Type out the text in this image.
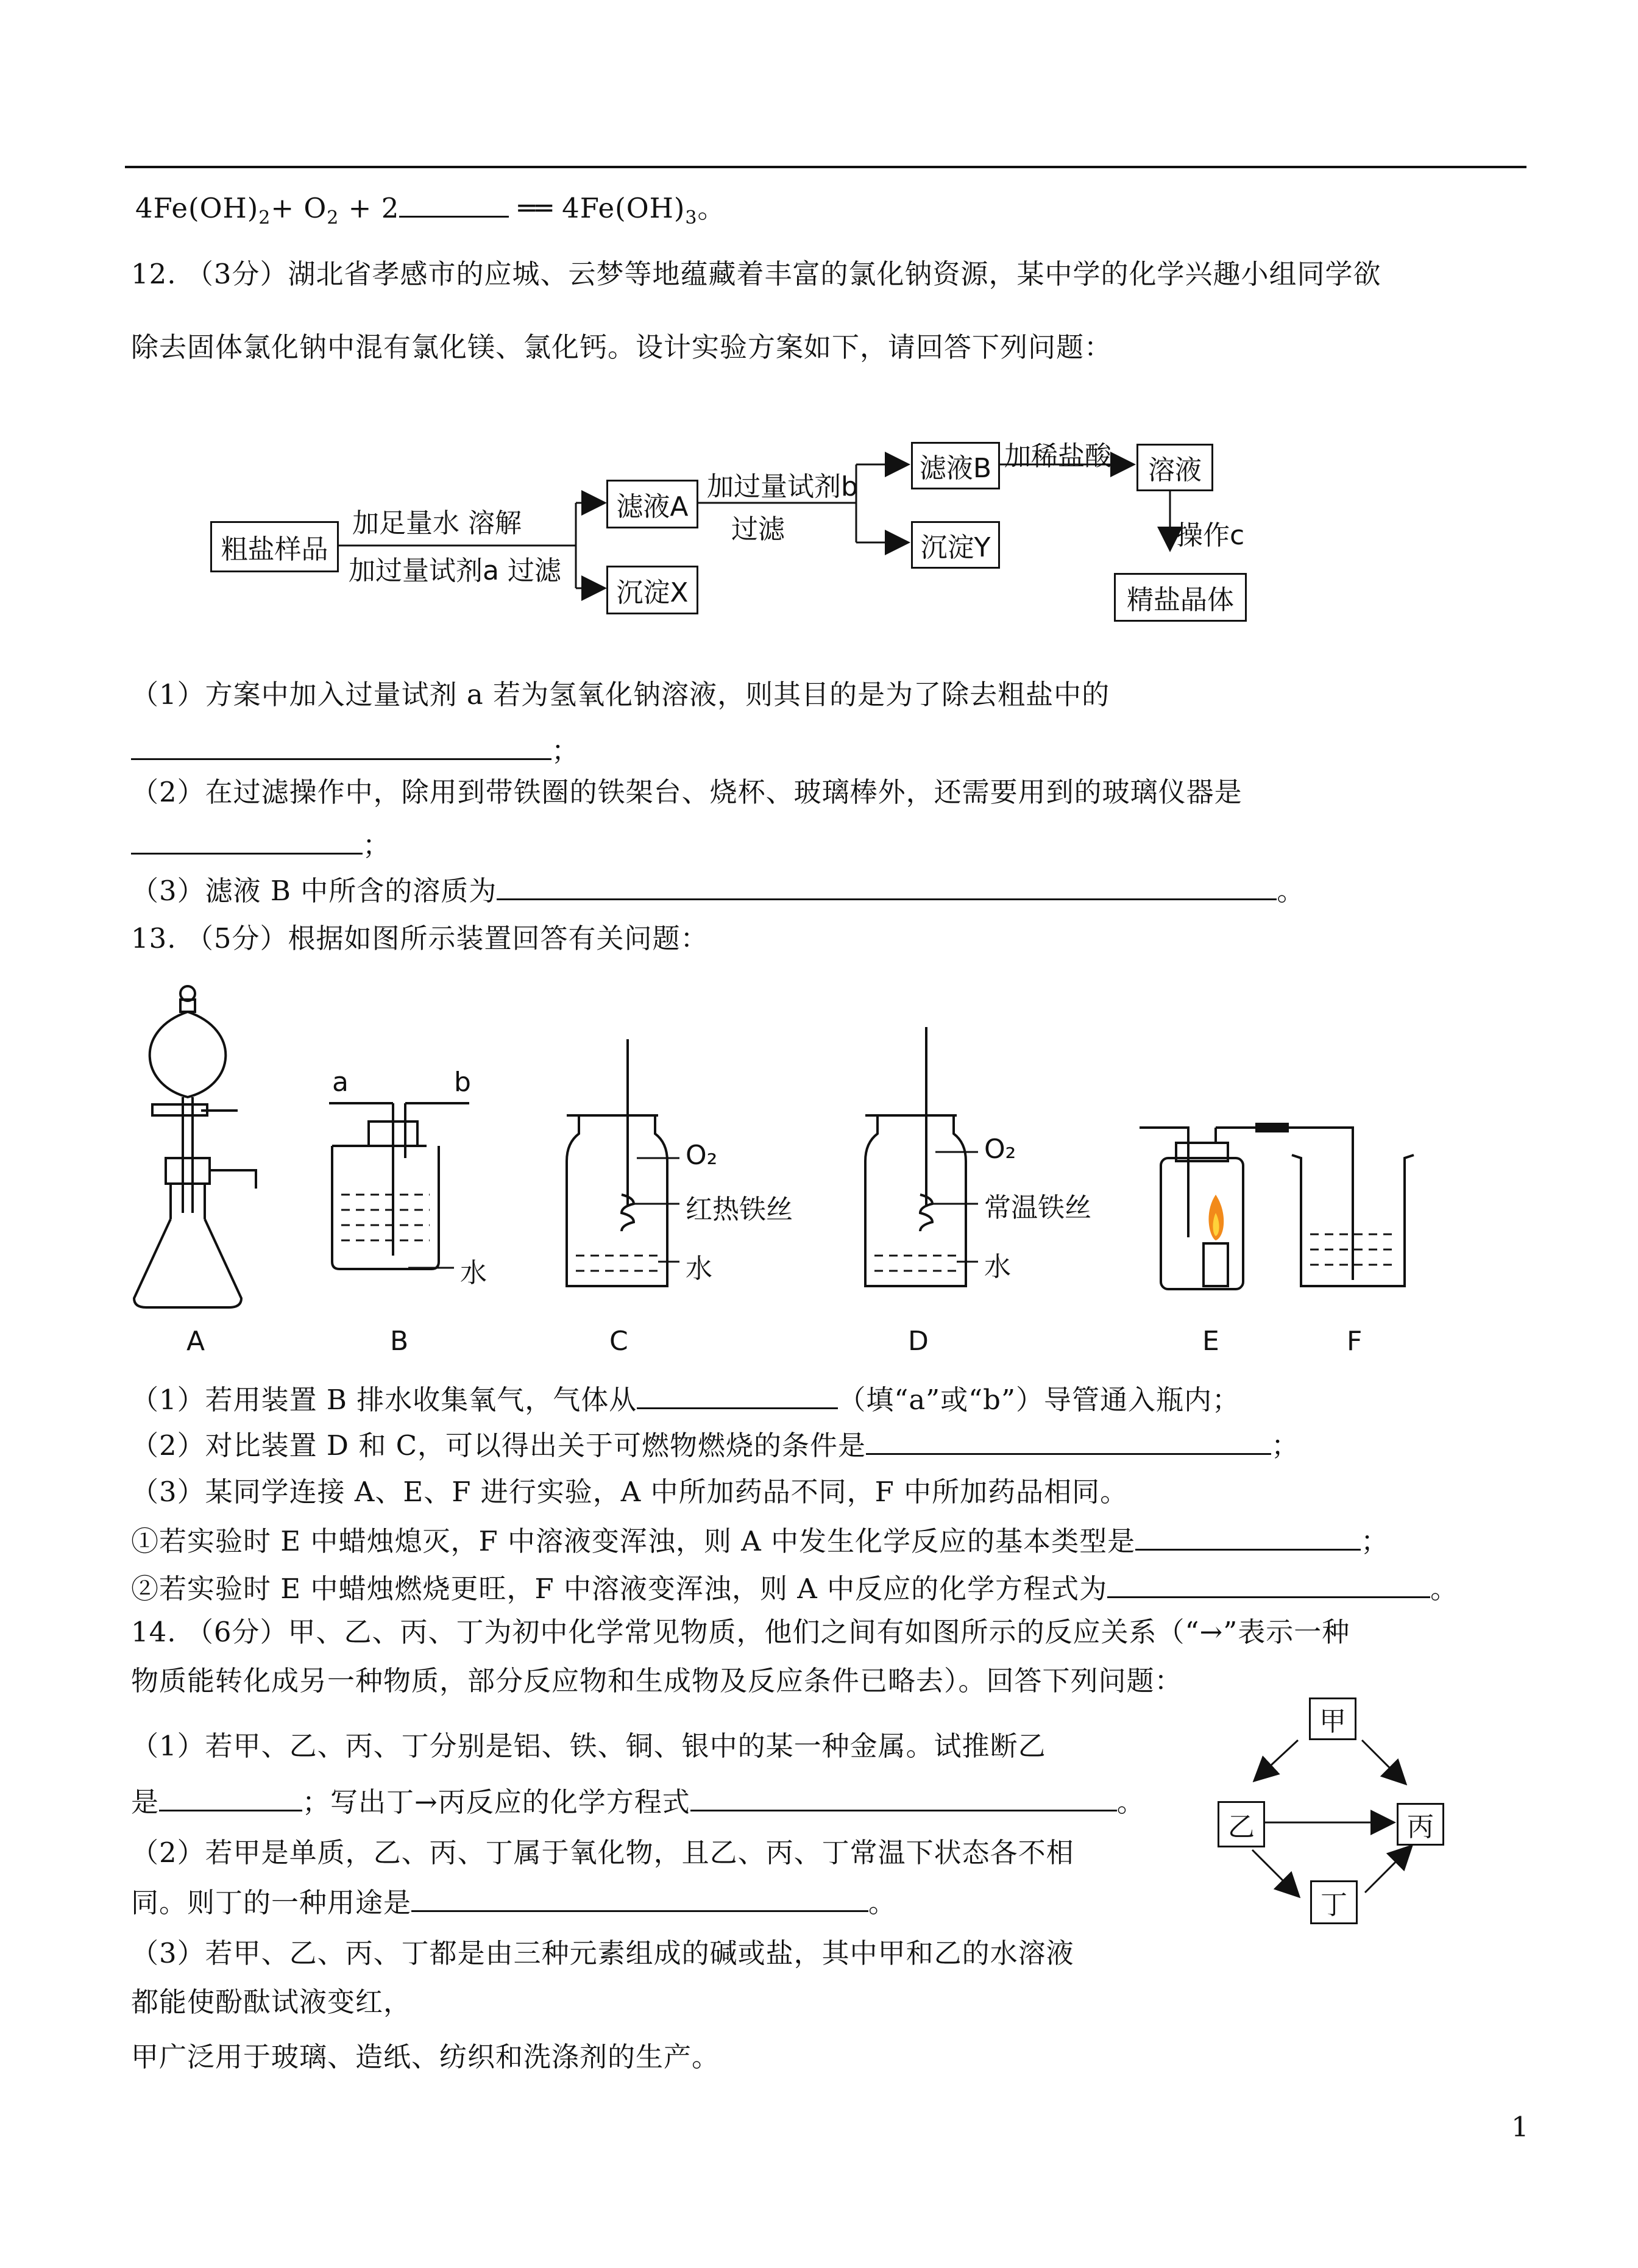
$4Fe(OH)_2+ O_2 + 2$	══ $4Fe(OH)_3$。
12. （3分）湖北省孝感市的应城、云梦等地蕴藏着丰富的氯化钠资源，某中学的化学兴趣小组同学欲
除去固体氯化钠中混有氯化镁、氯化钙。设计实验方案如下，请回答下列问题：
粗盐样品
加足量水 溶解
加过量试剂a 过滤
滤液A
沉淀X
加过量试剂b
过滤
滤液B
沉淀Y
加稀盐酸	溶液
操作c
精盐晶体
（1）方案中加入过量试剂 a 若为氢氧化钠溶液，则其目的是为了除去粗盐中的
；
（2）在过滤操作中，除用到带铁圈的铁架台、烧杯、玻璃棒外，还需要用到的玻璃仪器是
；
（3）滤液 B 中所含的溶质为	。
13. （5分）根据如图所示装置回答有关问题：
a	b
水
O₂
红热铁丝
水
O₂
常温铁丝
水
A	B	C	D	E	F
（1）若用装置 B 排水收集氧气，气体从	（填“a”或“b”）导管通入瓶内；
（2）对比装置 D 和 C，可以得出关于可燃物燃烧的条件是	；
（3）某同学连接 A、E、F 进行实验，A 中所加药品不同，F 中所加药品相同。
①若实验时 E 中蜡烛熄灭，F 中溶液变浑浊，则 A 中发生化学反应的基本类型是	；
②若实验时 E 中蜡烛燃烧更旺，F 中溶液变浑浊，则 A 中反应的化学方程式为	。
14. （6分）甲、乙、丙、丁为初中化学常见物质，他们之间有如图所示的反应关系（“→”表示一种
物质能转化成另一种物质，部分反应物和生成物及反应条件已略去）。回答下列问题：
（1）若甲、乙、丙、丁分别是铝、铁、铜、银中的某一种金属。试推断乙
是	；写出丁→丙反应的化学方程式	。
（2）若甲是单质，乙、丙、丁属于氧化物，且乙、丙、丁常温下状态各不相
同。则丁的一种用途是	。
（3）若甲、乙、丙、丁都是由三种元素组成的碱或盐，其中甲和乙的水溶液
都能使酚酞试液变红，
甲广泛用于玻璃、造纸、纺织和洗涤剂的生产。
甲
乙	丙
丁
1
